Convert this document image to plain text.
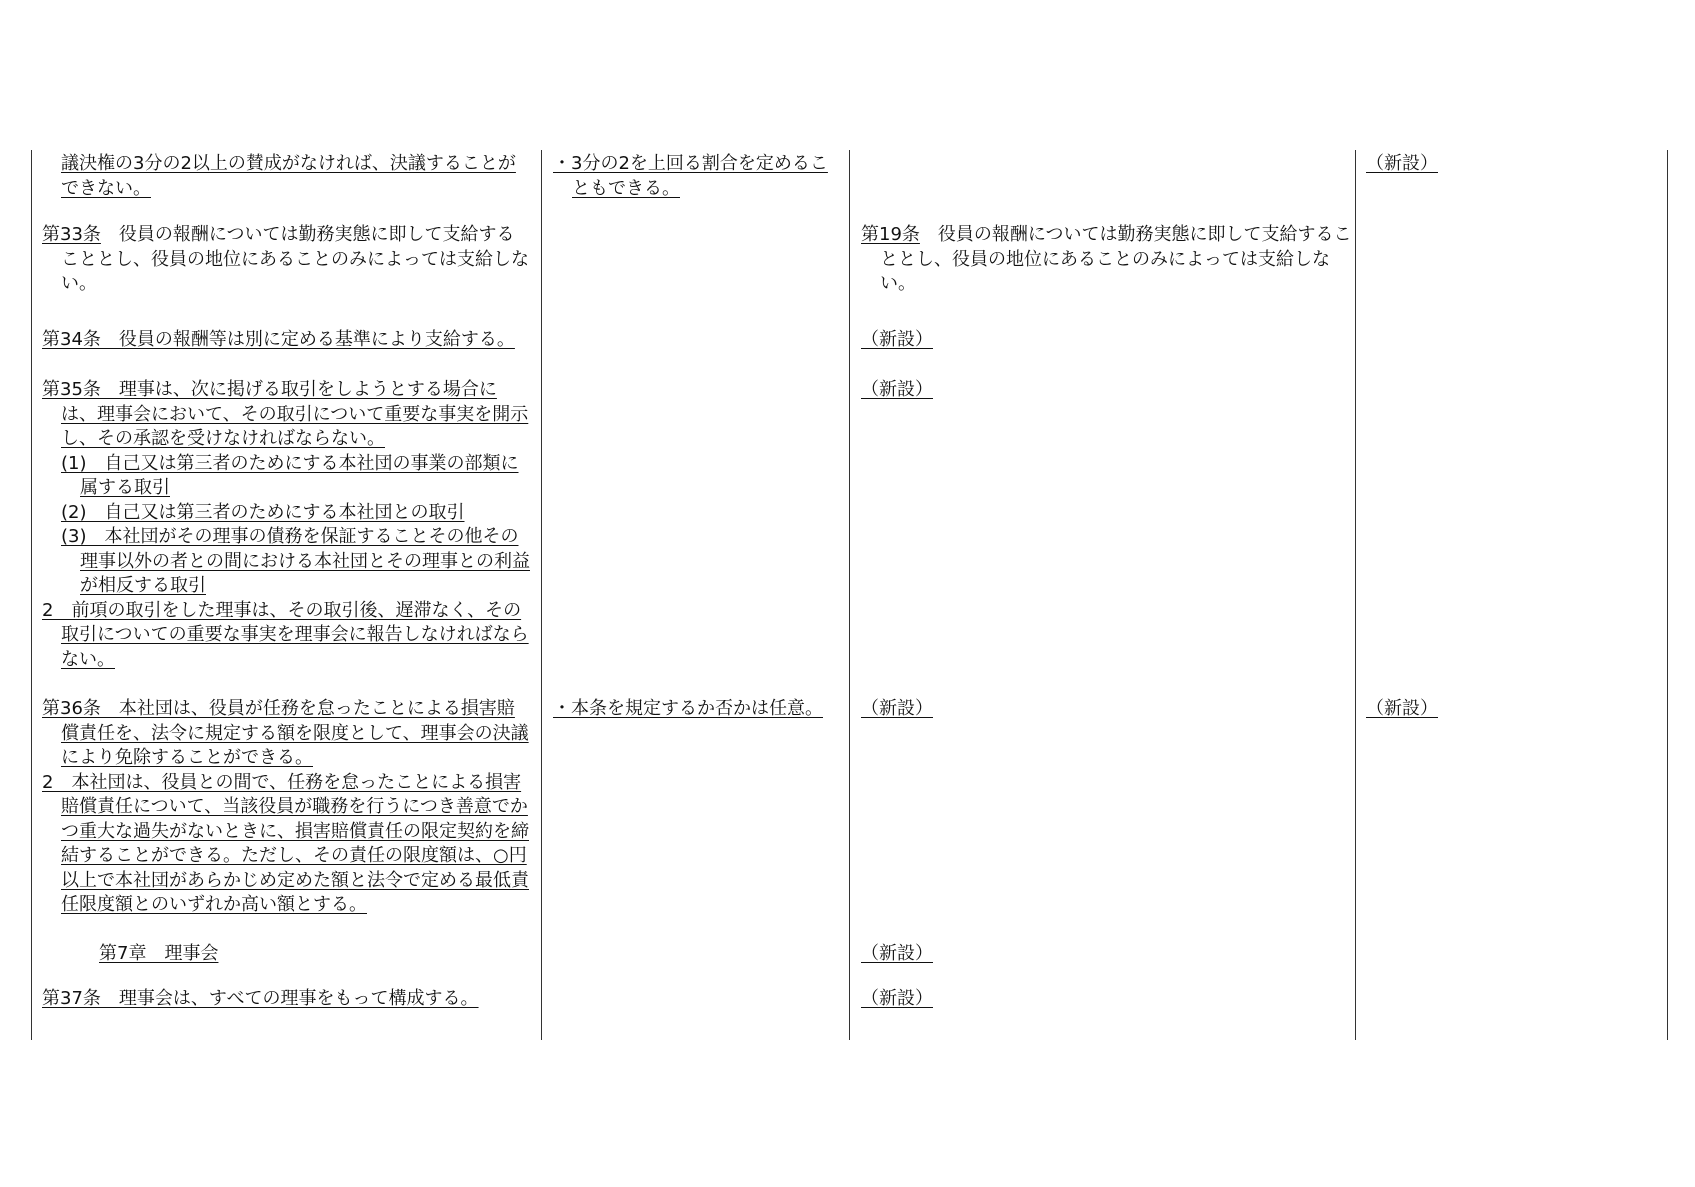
議決権の3分の2以上の賛成がなければ、決議することができない。

第33条　 役員の報酬については勤務実態に即して支給することとし、役員の地位にあることのみによっては支給しない。

第34条　役員の報酬等は別に定める基準により支給する。

第35条　理事は、次に掲げる取引をしようとする場合には、理事会において、その取引について重要な事実を開示し、その承認を受けなければならない。

(1)　自己又は第三者のためにする本社団の事業の部類に属する取引

(2)　自己又は第三者のためにする本社団との取引

(3)　本社団がその理事の債務を保証することその他その理事以外の者との間における本社団とその理事との利益が相反する取引

2　前項の取引をした理事は、その取引後、遅滞なく、その取引についての重要な事実を理事会に報告しなければならない。

第36条　本社団は、役員が任務を怠ったことによる損害賠償責任を、法令に規定する額を限度として、理事会の決議により免除することができる。

2　本社団は、役員との間で、任務を怠ったことによる損害賠償責任について、当該役員が職務を行うにつき善意でかつ重大な過失がないときに、損害賠償責任の限定契約を締結することができる。ただし、その責任の限度額は、○円以上で本社団があらかじめ定めた額と法令で定める最低責任限度額とのいずれか高い額とする。

第7章　理事会

第37条　理事会は、すべての理事をもって構成する。

・3分の2を上回る割合を定めることもできる。

・本条を規定するか否かは任意。

第19条　 役員の報酬については勤務実態に即して支給することとし、役員の地位にあることのみによっては支給しない。

（新設）

（新設）

（新設）

（新設）

（新設）

（新設）

（新設）
